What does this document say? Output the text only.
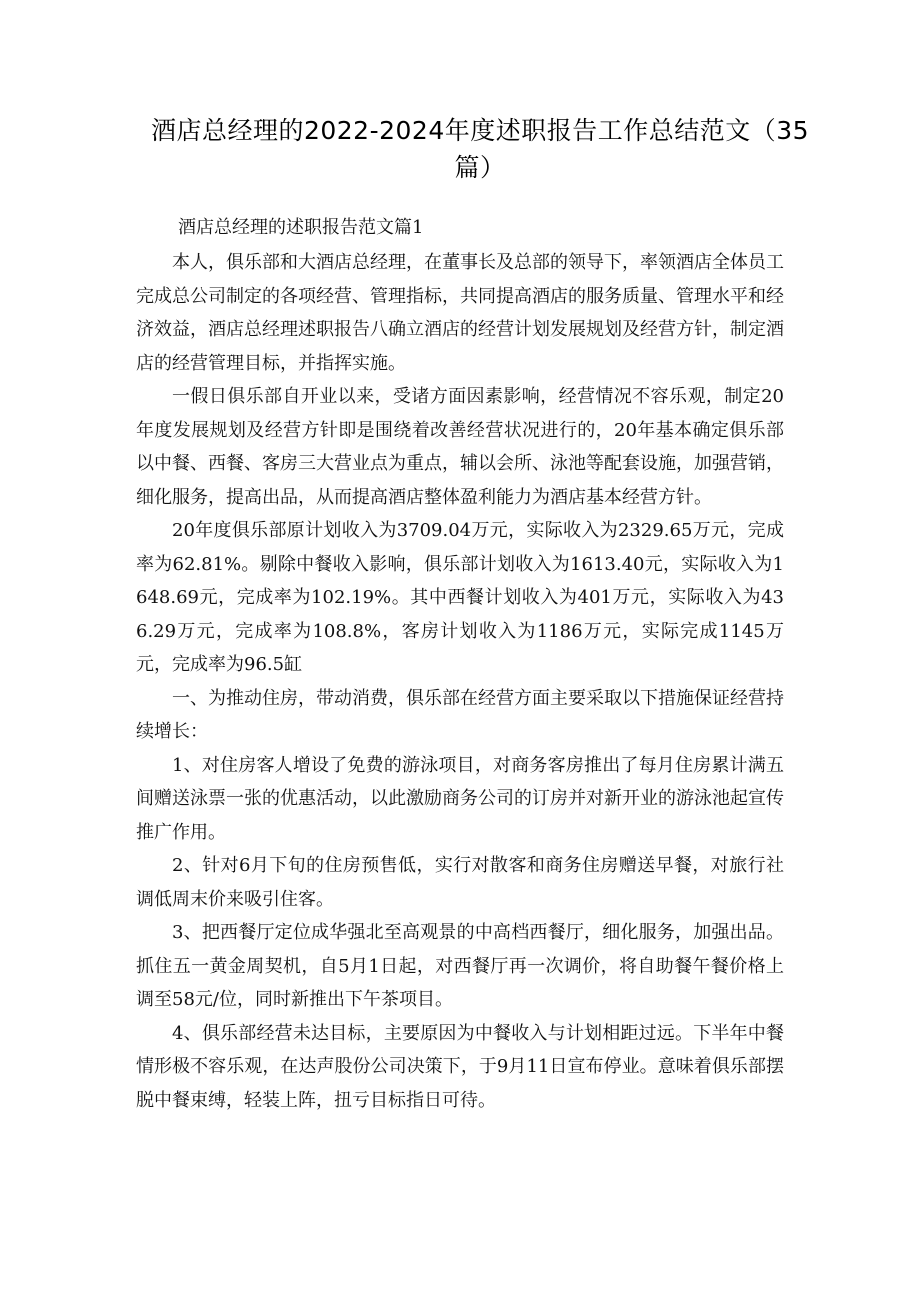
酒店总经理的2022-2024年度述职报告工作总结范文（35篇）
酒店总经理的述职报告范文篇1

本人，俱乐部和大酒店总经理，在董事长及总部的领导下，率领酒店全体员工完成总公司制定的各项经营、管理指标，共同提高酒店的服务质量、管理水平和经济效益，酒店总经理述职报告八确立酒店的经营计划发展规划及经营方针，制定酒店的经营管理目标，并指挥实施。

一假日俱乐部自开业以来，受诸方面因素影响，经营情况不容乐观，制定20年度发展规划及经营方针即是围绕着改善经营状况进行的，20年基本确定俱乐部以中餐、西餐、客房三大营业点为重点，辅以会所、泳池等配套设施，加强营销，细化服务，提高出品，从而提高酒店整体盈利能力为酒店基本经营方针。

20年度俱乐部原计划收入为3709.04万元，实际收入为2329.65万元，完成率为62.81%。剔除中餐收入影响，俱乐部计划收入为1613.40元，实际收入为1648.69元，完成率为102.19%。其中西餐计划收入为401万元，实际收入为436.29万元，完成率为108.8%，客房计划收入为1186万元，实际完成1145万元，完成率为96.5缸

一、为推动住房，带动消费，俱乐部在经营方面主要采取以下措施保证经营持续增长：

1、对住房客人增设了免费的游泳项目，对商务客房推出了每月住房累计满五间赠送泳票一张的优惠活动，以此激励商务公司的订房并对新开业的游泳池起宣传推广作用。

2、针对6月下旬的住房预售低，实行对散客和商务住房赠送早餐，对旅行社调低周末价来吸引住客。

3、把西餐厅定位成华强北至高观景的中高档西餐厅，细化服务，加强出品。抓住五一黄金周契机，自5月1日起，对西餐厅再一次调价，将自助餐午餐价格上调至58元/位，同时新推出下午茶项目。

4、俱乐部经营未达目标，主要原因为中餐收入与计划相距过远。下半年中餐情形极不容乐观，在达声股份公司决策下，于9月11日宣布停业。意味着俱乐部摆脱中餐束缚，轻装上阵，扭亏目标指日可待。
